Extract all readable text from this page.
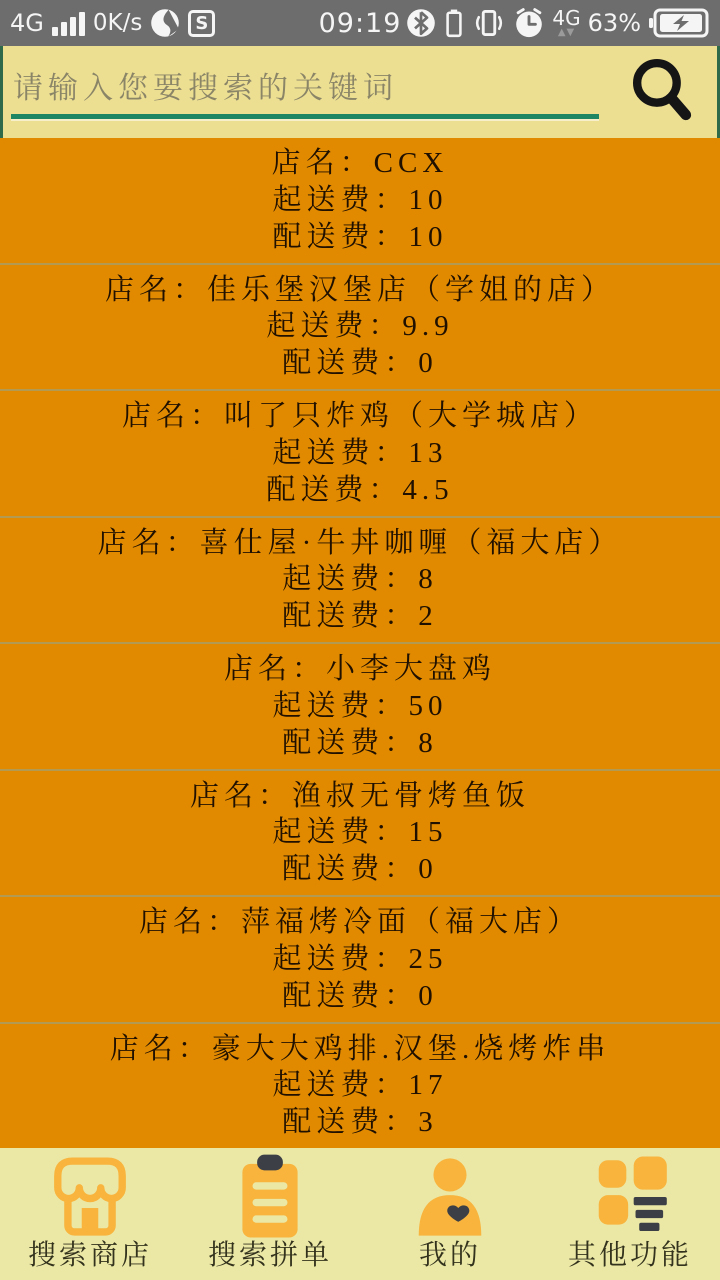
4G 0K/s	S	09:19	4G
▲▼ 63%
请输入您要搜索的关键词
店名：CCX
起送费：10
配送费：10
店名：佳乐堡汉堡店（学姐的店）
起送费：9.9
配送费：0
店名：叫了只炸鸡（大学城店）
起送费：13
配送费：4.5
店名：喜仕屋·牛丼咖喱（福大店）
起送费：8
配送费：2
店名：小李大盘鸡
起送费：50
配送费：8
店名：渔叔无骨烤鱼饭
起送费：15
配送费：0
店名：萍福烤冷面（福大店）
起送费：25
配送费：0
店名：豪大大鸡排.汉堡.烧烤炸串
起送费：17
配送费：3
搜索商店 搜索拼单	我的	其他功能
